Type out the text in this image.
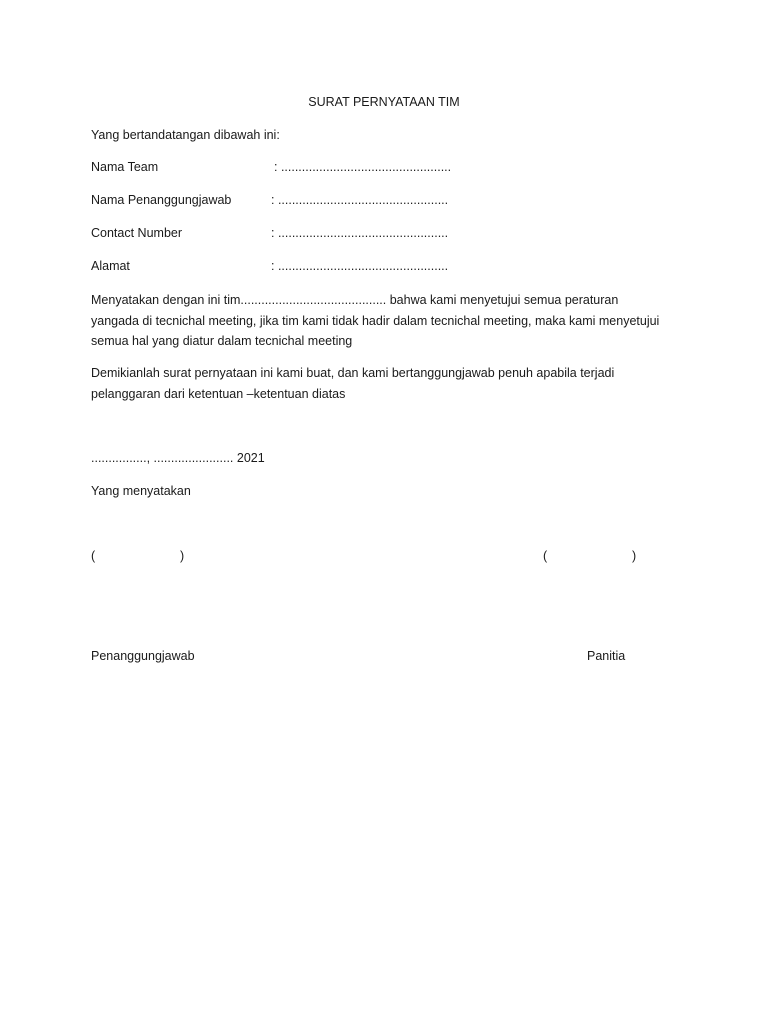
SURAT PERNYATAAN TIM
Yang bertandatangan dibawah ini:
Nama Team	: .................................................
Nama Penanggungjawab	: .................................................
Contact Number	: .................................................
Alamat	: .................................................

Menyatakan dengan ini tim.......................................... bahwa kami menyetujui semua peraturan

yangada di tecnichal meeting, jika tim kami tidak hadir dalam tecnichal meeting, maka kami menyetujui

semua hal yang diatur dalam tecnichal meeting

Demikianlah surat pernyataan ini kami buat, dan kami bertanggungjawab penuh apabila terjadi

pelanggaran dari ketentuan –ketentuan diatas

................, ....................... 2021
Yang menyatakan
(	)	(	)
Penanggungjawab	Panitia
